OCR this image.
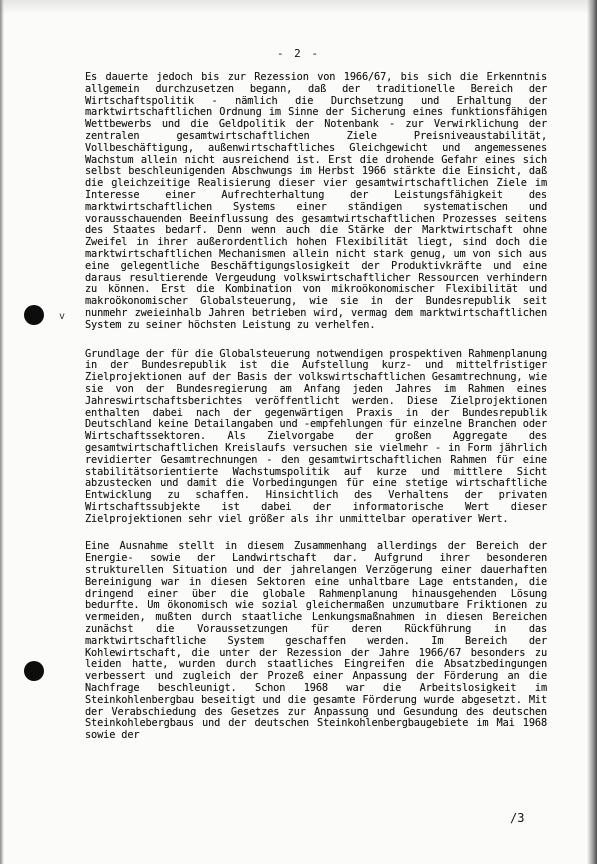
- 2 -
v

Es dauerte jedoch bis zur Rezession von 1966/67, bis sich die Erkenntnis allgemein durchzusetzen begann, daß der traditionelle Bereich der Wirtschaftspolitik - nämlich die Durchsetzung und Erhaltung der marktwirtschaftlichen Ordnung im Sinne der Sicherung eines funktionsfähigen Wettbewerbs und die Geldpolitik der Notenbank - zur Verwirklichung der zentralen gesamtwirtschaftlichen Ziele Preisniveaustabilität, Vollbeschäftigung, außenwirtschaftliches Gleichgewicht und angemessenes Wachstum allein nicht ausreichend ist. Erst die drohende Gefahr eines sich selbst beschleunigenden Abschwungs im Herbst 1966 stärkte die Einsicht, daß die gleichzeitige Realisierung dieser vier gesamtwirtschaftlichen Ziele im Interesse einer Aufrechterhaltung der Leistungsfähigkeit des marktwirtschaftlichen Systems einer ständigen systematischen und vorausschauenden Beeinflussung des gesamtwirtschaftlichen Prozesses seitens des Staates bedarf. Denn wenn auch die Stärke der Marktwirtschaft ohne Zweifel in ihrer außerordentlich hohen Flexibilität liegt, sind doch die marktwirtschaftlichen Mechanismen allein nicht stark genug, um von sich aus eine gelegentliche Beschäftigungslosigkeit der Produktivkräfte und eine daraus resultierende Vergeudung volkswirtschaftlicher Ressourcen verhindern zu können. Erst die Kombination von mikroökonomischer Flexibilität und makroökonomischer Globalsteuerung, wie sie in der Bundesrepublik seit nunmehr zweieinhalb Jahren betrieben wird, vermag dem marktwirtschaftlichen System zu seiner höchsten Leistung zu verhelfen.

Grundlage der für die Globalsteuerung notwendigen prospektiven Rahmenplanung in der Bundesrepublik ist die Aufstellung kurz- und mittelfristiger Zielprojektionen auf der Basis der volkswirtschaftlichen Gesamtrechnung, wie sie von der Bundesregierung am Anfang jeden Jahres im Rahmen eines Jahreswirtschaftsberichtes veröffentlicht werden. Diese Zielprojektionen enthalten dabei nach der gegenwärtigen Praxis in der Bundesrepublik Deutschland keine Detailangaben und -empfehlungen für einzelne Branchen oder Wirtschaftssektoren. Als Zielvorgabe der großen Aggregate des gesamtwirtschaftlichen Kreislaufs versuchen sie vielmehr - in Form jährlich revidierter Gesamtrechnungen - den gesamtwirtschaftlichen Rahmen für eine stabilitätsorientierte Wachstumspolitik auf kurze und mittlere Sicht abzustecken und damit die Vorbedingungen für eine stetige wirtschaftliche Entwicklung zu schaffen. Hinsichtlich des Verhaltens der privaten Wirtschaftssubjekte ist dabei der informatorische Wert dieser Zielprojektionen sehr viel größer als ihr unmittelbar operativer Wert.

Eine Ausnahme stellt in diesem Zusammenhang allerdings der Bereich der Energie- sowie der Landwirtschaft dar. Aufgrund ihrer besonderen strukturellen Situation und der jahrelangen Verzögerung einer dauerhaften Bereinigung war in diesen Sektoren eine unhaltbare Lage entstanden, die dringend einer über die globale Rahmenplanung hinausgehenden Lösung bedurfte. Um ökonomisch wie sozial gleichermaßen unzumutbare Friktionen zu vermeiden, mußten durch staatliche Lenkungsmaßnahmen in diesen Bereichen zunächst die Voraussetzungen für deren Rückführung in das marktwirtschaftliche System geschaffen werden. Im Bereich der Kohlewirtschaft, die unter der Rezession der Jahre 1966/67 besonders zu leiden hatte, wurden durch staatliches Eingreifen die Absatzbedingungen verbessert und zugleich der Prozeß einer Anpassung der Förderung an die Nachfrage beschleunigt. Schon 1968 war die Arbeitslosigkeit im Steinkohlenbergbau beseitigt und die gesamte Förderung wurde abgesetzt. Mit der Verabschiedung des Gesetzes zur Anpassung und Gesundung des deutschen Steinkohlebergbaus und der deutschen Steinkohlenbergbaugebiete im Mai 1968 sowie der

/3
